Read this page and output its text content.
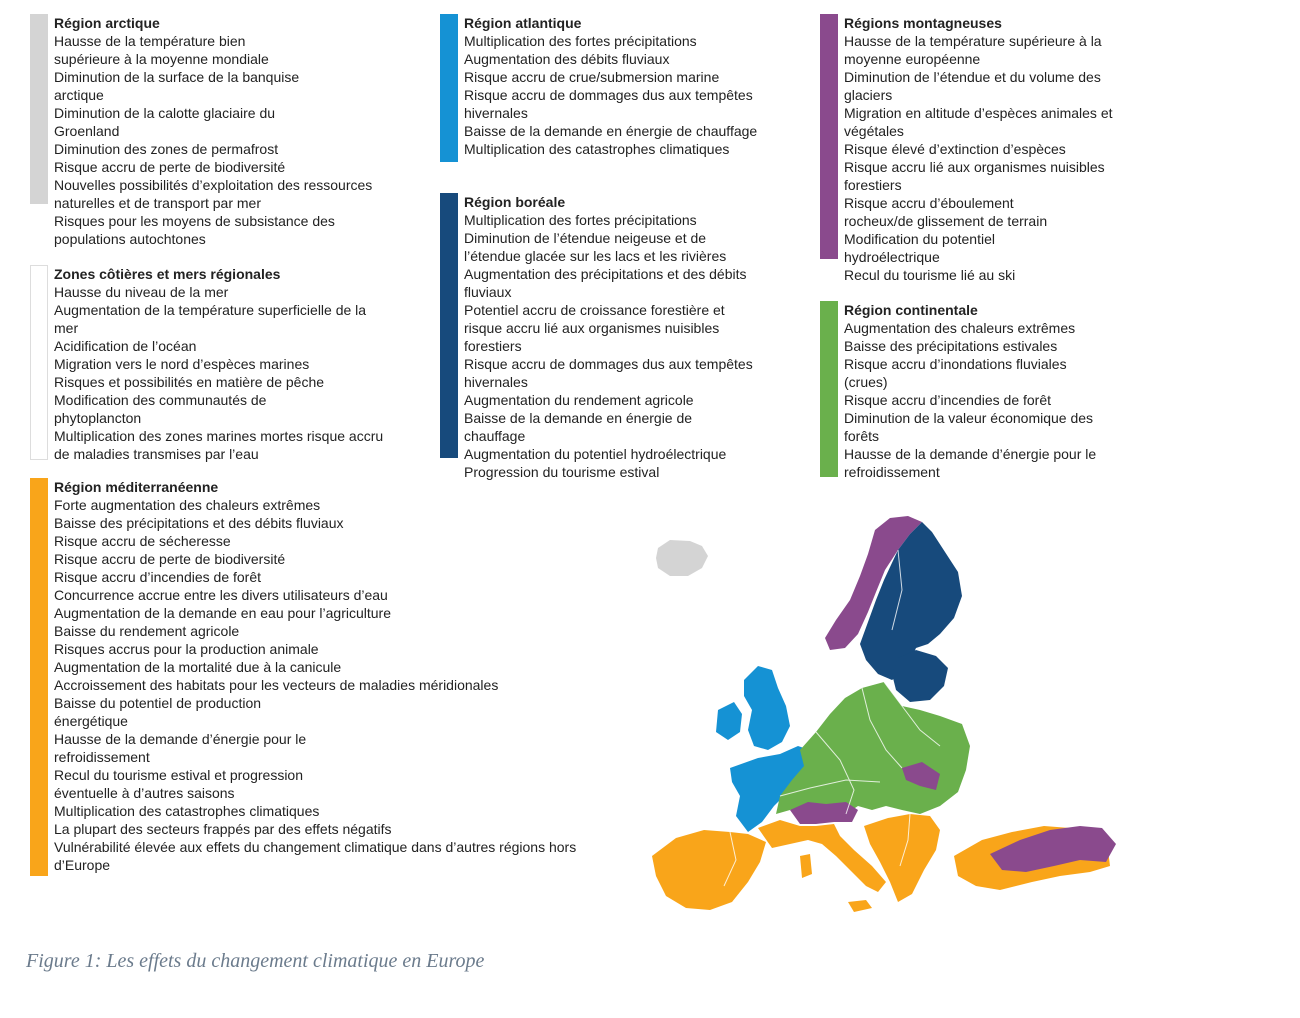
Région arctique

Hausse de la température bien supérieure à la moyenne mondiale
Diminution de la surface de la banquise arctique
Diminution de la calotte glaciaire du Groenland
Diminution des zones de permafrost
Risque accru de perte de biodiversité
Nouvelles possibilités d’exploitation des ressources naturelles et de transport par mer
Risques pour les moyens de subsistance des populations autochtones

Zones côtières et mers régionales

Hausse du niveau de la mer
Augmentation de la température superficielle de la mer
Acidification de l’océan
Migration vers le nord d’espèces marines
Risques et possibilités en matière de pêche
Modification des communautés de phytoplancton
Multiplication des zones marines mortes risque accru de maladies transmises par l’eau

Région méditerranéenne

Forte augmentation des chaleurs extrêmes
Baisse des précipitations et des débits fluviaux
Risque accru de sécheresse
Risque accru de perte de biodiversité
Risque accru d’incendies de forêt
Concurrence accrue entre les divers utilisateurs d’eau
Augmentation de la demande en eau pour l’agriculture
Baisse du rendement agricole
Risques accrus pour la production animale
Augmentation de la mortalité due à la canicule
Accroissement des habitats pour les vecteurs de maladies méridionales
Baisse du potentiel de production énergétique
Hausse de la demande d’énergie pour le refroidissement
Recul du tourisme estival et progression éventuelle à d’autres saisons
Multiplication des catastrophes climatiques
La plupart des secteurs frappés par des effets négatifs
Vulnérabilité élevée aux effets du changement climatique dans d’autres régions hors d’Europe

Région atlantique

Multiplication des fortes précipitations
Augmentation des débits fluviaux
Risque accru de crue/submersion marine
Risque accru de dommages dus aux tempêtes hivernales
Baisse de la demande en énergie de chauffage
Multiplication des catastrophes climatiques

Région boréale

Multiplication des fortes précipitations
Diminution de l’étendue neigeuse et de l’étendue glacée sur les lacs et les rivières
Augmentation des précipitations et des débits fluviaux
Potentiel accru de croissance forestière et risque accru lié aux organismes nuisibles forestiers
Risque accru de dommages dus aux tempêtes hivernales
Augmentation du rendement agricole
Baisse de la demande en énergie de chauffage
Augmentation du potentiel hydroélectrique
Progression du tourisme estival

Régions montagneuses

Hausse de la température supérieure à la moyenne européenne
Diminution de l’étendue et du volume des glaciers
Migration en altitude d’espèces animales et végétales
Risque élevé d’extinction d’espèces
Risque accru lié aux organismes nuisibles forestiers
Risque accru d’éboulement rocheux/de glissement de terrain
Modification du potentiel hydroélectrique
Recul du tourisme lié au ski

Région continentale

Augmentation des chaleurs extrêmes
Baisse des précipitations estivales
Risque accru d’inondations fluviales (crues)
Risque accru d’incendies de forêt
Diminution de la valeur économique des forêts
Hausse de la demande d’énergie pour le refroidissement
Figure 1: Les effets du changement climatique en Europe
